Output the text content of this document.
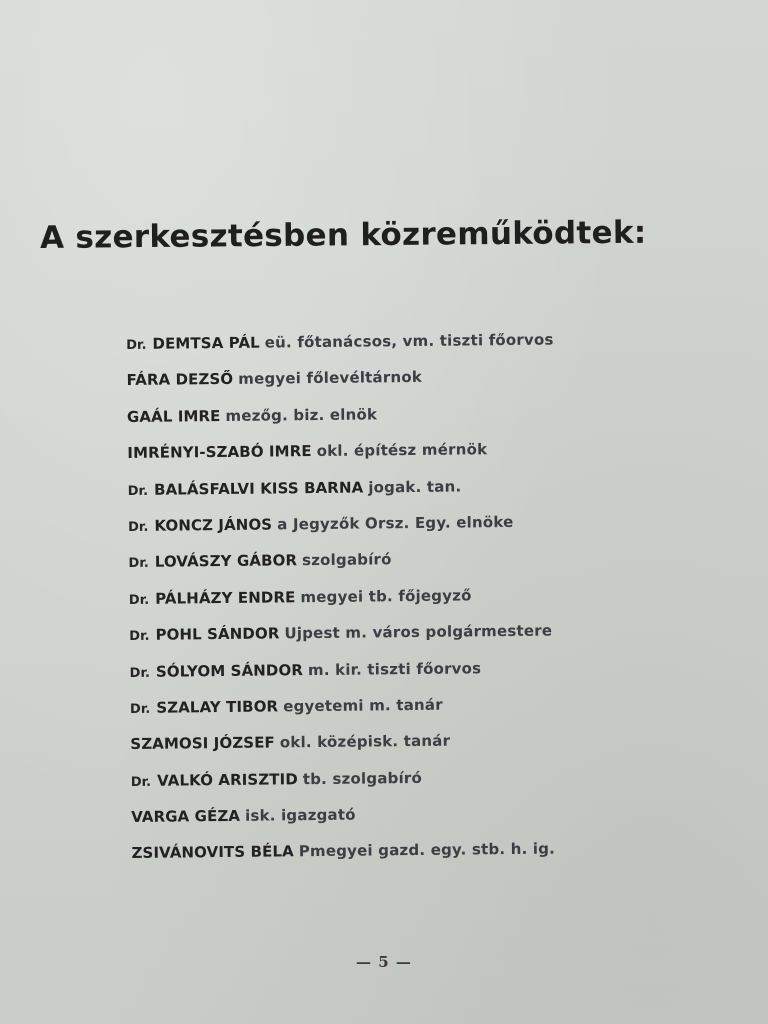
A szerkesztésben közreműködtek:
Dr. DEMTSA PÁL eü. főtanácsos, vm. tiszti főorvos
FÁRA DEZSŐ megyei főlevéltárnok
GAÁL IMRE mezőg. biz. elnök
IMRÉNYI-SZABÓ IMRE okl. építész mérnök
Dr. BALÁSFALVI KISS BARNA jogak. tan.
Dr. KONCZ JÁNOS a Jegyzők Orsz. Egy. elnöke
Dr. LOVÁSZY GÁBOR szolgabíró
Dr. PÁLHÁZY ENDRE megyei tb. főjegyző
Dr. POHL SÁNDOR Ujpest m. város polgármestere
Dr. SÓLYOM SÁNDOR m. kir. tiszti főorvos
Dr. SZALAY TIBOR egyetemi m. tanár
SZAMOSI JÓZSEF okl. középisk. tanár
Dr. VALKÓ ARISZTID tb. szolgabíró
VARGA GÉZA isk. igazgató
ZSIVÁNOVITS BÉLA Pmegyei gazd. egy. stb. h. ig.
— 5 —
